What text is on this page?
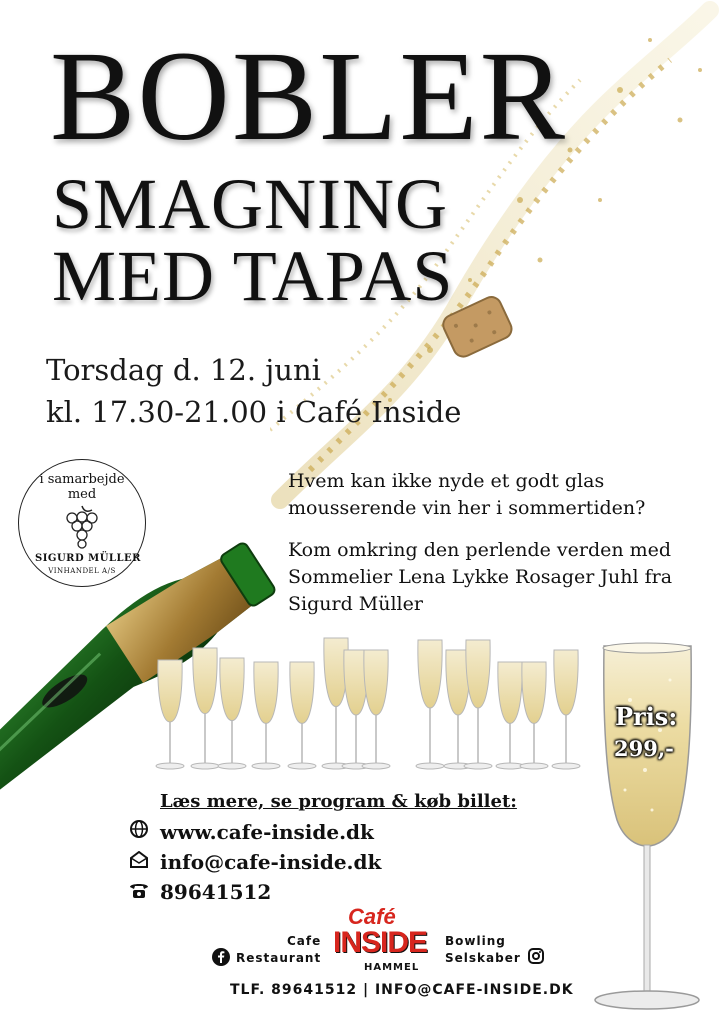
BOBLER
SMAGNING
MED TAPAS
Torsdag d. 12. juni
kl. 17.30-21.00 i Café Inside
i samarbejde
med
SIGURD MÜLLER
VINHANDEL A/S
Hvem kan ikke nyde et godt glas
mousserende vin her i sommertiden?
Kom omkring den perlende verden med
Sommelier Lena Lykke Rosager Juhl fra
Sigurd Müller
Pris:
299,-
Læs mere, se program & køb billet:
www.cafe-inside.dk
info@cafe-inside.dk
89641512
Cafe
Restaurant
Café
INSIDE
HAMMEL
Bowling
Selskaber
TLF. 89641512 | INFO@CAFE-INSIDE.DK
